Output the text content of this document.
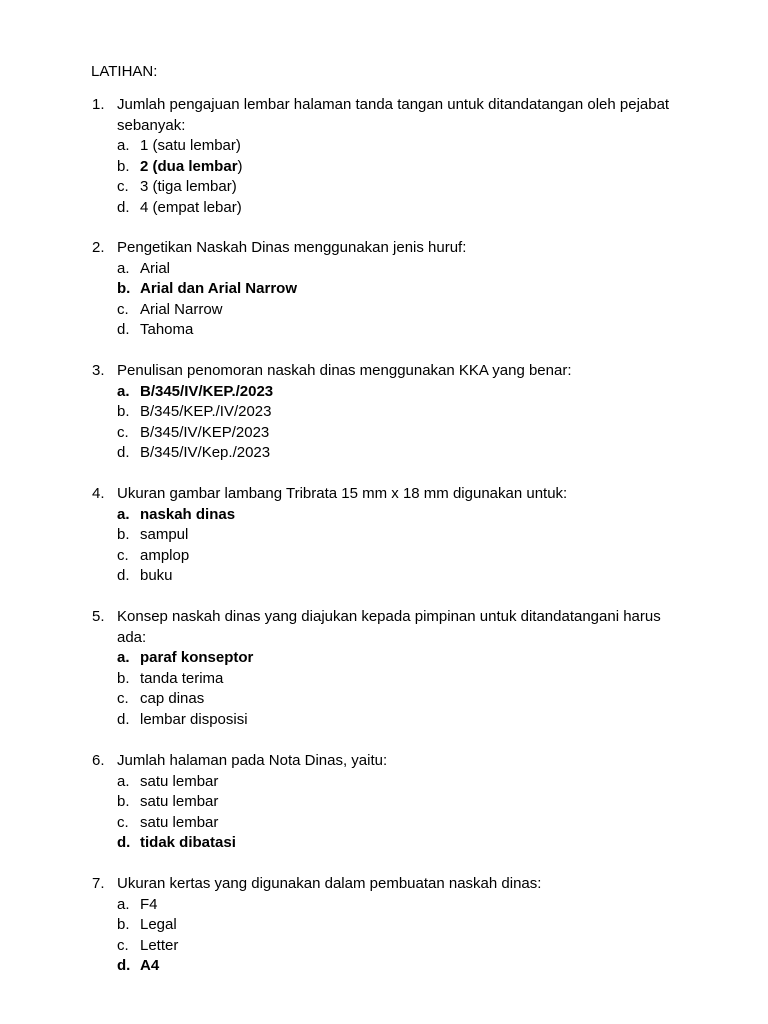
LATIHAN:
1. Jumlah pengajuan lembar halaman tanda tangan untuk ditandatangan oleh pejabat sebanyak:
a. 1 (satu lembar)
b. 2 (dua lembar)
c. 3 (tiga lembar)
d. 4 (empat lebar)
2. Pengetikan Naskah Dinas menggunakan jenis huruf:
a. Arial
b. Arial dan Arial Narrow
c. Arial Narrow
d. Tahoma
3. Penulisan penomoran naskah dinas menggunakan KKA yang benar:
a. B/345/IV/KEP./2023
b. B/345/KEP./IV/2023
c. B/345/IV/KEP/2023
d. B/345/IV/Kep./2023
4. Ukuran gambar lambang Tribrata 15 mm x 18 mm digunakan untuk:
a. naskah dinas
b. sampul
c. amplop
d. buku
5. Konsep naskah dinas yang diajukan kepada pimpinan untuk ditandatangani harus ada:
a. paraf konseptor
b. tanda terima
c. cap dinas
d. lembar disposisi
6. Jumlah halaman pada Nota Dinas, yaitu:
a. satu lembar
b. satu lembar
c. satu lembar
d. tidak dibatasi
7. Ukuran kertas yang digunakan dalam pembuatan naskah dinas:
a. F4
b. Legal
c. Letter
d. A4
